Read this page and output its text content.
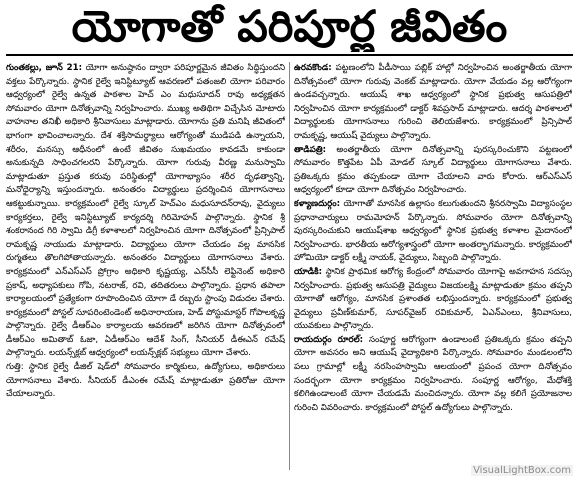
యోగాతో పరిపూర్ణ జీవితం

గుంతకల్లు, జూన్ 21: యోగా అనుష్ఠానం ద్వారా పరిపూర్ణమైన జీవితం సిద్ధిస్తుందని వక్తలు పేర్కొన్నారు. స్థానిక రైల్వే ఇనిస్టిట్యూట్ ఆవరణలో పతంజలి యోగా పరివారం ఆధ్వర్యంలో రైల్వే ఉన్నత పాఠశాల హెచ్ ఎం మధుసూదన్ రావు అధ్యక్షతన సోమవారం యోగా దినోత్సవాన్ని నిర్వహించారు. ముఖ్య అతిథిగా విచ్చేసిన మోటారు వాహనాల తనిఖీ అధికారి శ్రీనివాసులు మాట్లాడారు. యోగాను ప్రతి మనిషి జీవితంలో భాగంగా భావించాలన్నారు. దేశ శక్తిసామర్థ్యాలు ఆరోగ్యంతో ముడిపడి ఉన్నాయని, శరీరం, మనస్సు ఆధీనంలో ఉంటే జీవితం సుఖమయం కావడమే కాకుండా అనుకున్నది సాధించగలరని పేర్కొన్నారు. యోగా గురువు వీరణ్ణ మనుస్వామి మాట్లాడుతూ ప్రస్తుత కరువు పరిస్థితుల్లో యోగాభ్యాసం శరీర దృఢత్వాన్ని, మనోధైర్యాన్ని ఇస్తుందన్నారు. అనంతరం విద్యార్థులు ప్రదర్శించిన యోగాసనాలు ఆకట్టుకున్నాయి. కార్యక్రమంలో రైల్వే స్కూల్ హెచ్ఎం మధుసూదన్‌రావు, వైద్యులు కార్యకర్తలు, రైల్వే ఇనిస్టిట్యూట్ కార్యదర్శి గిరిమోహన్ పాల్గొన్నారు. స్థానిక శ్రీ శంకరానంద గిరి స్వామి డిగ్రీ కళాశాలలో నిర్వహించిన యోగా దినోత్సవంలో ప్రిన్సిపాల్ రామకృష్ణ నాయుడు మాట్లాడారు. విద్యార్థులు యోగా చేయడం వల్ల మానసిక రుగ్మతలు తొలగిపోతాయన్నారు. అనంతరం విద్యార్థులు యోగాసనాలు వేశారు. కార్యక్రమంలో ఎన్ఎస్ఎస్ ప్రోగ్రాం అధికారి కృష్ణయ్య, ఎన్‌సీసీ లెఫ్టినెంట్ అధికారి ప్రకాష్, అధ్యాపకులు గోపి, నటరాజ్, రవి, తదితరులు పాల్గొన్నారు. ప్రధాన తపాలా కార్యాలయంలో ప్రత్యేకంగా రూపొందించిన యోగా డే రబ్బరు స్టాంపు విడుదల చేశారు. కార్యక్రమంలో పోస్టల్ సూపరింటెండెంట్ అధినారాయణ, హెడ్ పోస్టుమాస్టర్ గోపాలకృష్ణ పాల్గొన్నారు. రైల్వే డీఆర్ఎం కార్యాలయ ఆవరణలో జరిగిన యోగా దినోత్సవంలో డీఆర్ఎం అమితాబ్ ఓజా, ఏడీఆర్ఎం ఆదేశ్ సింగ్, సీనియర్ డీఈఎన్ రమేష్ పాల్గొన్నారు. లయన్స్‌క్లబ్ ఆధ్వర్యంలో లయన్స్‌క్లబ్ సభ్యులు యోగా చేశారు.

గుత్తి: స్థానిక రైల్వే డీజిల్ షెడ్‌లో సోమవారం కార్మికులు, ఉద్యోగులు, అధికారులు యోగాసనాలు వేశారు. సీనియర్ డీఎంఈ రమేష్ మాట్లాడుతూ ప్రతిరోజు యోగా చేయాలన్నారు.

ఉరవకొండ: పట్టణంలోని పీడీసాయి పబ్లిక్ హాల్లో నిర్వహించిన అంతర్జాతీయ యోగా దినోత్సవంలో యోగా గురువు వెంకట్ మాట్లాడారు. యోగా వేయడం వల్ల ఆరోగ్యంగా ఉండవచ్చన్నారు. ఆయుష్ శాఖ ఆధ్వర్యంలో స్థానిక ప్రభుత్వ ఆసుపత్రిలో నిర్వహించిన యోగా కార్యక్రమంలో డాక్టర్ శివప్రసాద్ మాట్లాడారు. ఆదర్శ పాఠశాలలో విద్యార్థులకు యోగాసనాలు గురించి తెలియజేశారు. కార్యక్రమంలో ప్రిన్సిపాల్ రామకృష్ణ, ఆయుష్ వైద్యులు పాల్గొన్నారు.

తాడిపత్రి: అంతర్జాతీయ యోగా దినోత్సవాన్ని పురస్కరించుకొని పట్టణంలో సోమవారం కొత్తపేట ఏపీ మోడల్ స్కూల్ విద్యార్థులు యోగాసనాలు వేశారు. ప్రతిఒక్కరు క్రమం తప్పకుండా యోగా చేయాలని వారు కోరారు. ఆర్ఎస్ఎస్ ఆధ్వర్యంలో కూడా యోగా దినోత్సవం నిర్వహించారు.

కళ్యాణదుర్గం: యోగాతో మానసిక ఉల్లాసం కలుగుతుందని శ్రీనరస్వామి విద్యాసంస్థల ప్రధానాచార్యులు రామమోహన్ పేర్కొన్నారు. సోమవారం యోగా దినోత్సవాన్ని పురస్కరించుకుని ఆయుష్‌శాఖ ఆధ్వర్యంలో స్థానిక ప్రభుత్వ కళాశాల మైదానంలో నిర్వహించారు. భారతీయ ఆరోగ్యశాస్త్రంలో యోగా అంతర్భాగమన్నారు. కార్యక్రమంలో హోమియో డాక్టర్ లక్ష్మీ నాయక్, వైద్యులు, సిబ్బంది పాల్గొన్నారు.

యాడికి: స్థానిక ప్రాథమిక ఆరోగ్య కేంద్రంలో సోమవారం యోగాపై అవగాహన సదస్సు నిర్వహించారు. ప్రభుత్వ ఆసుపత్రి వైద్యులు విజయలక్ష్మి మాట్లాడుతూ క్రమం తప్పని యోగాతో ఆరోగ్యం, మానసిక ప్రశాంతత లభిస్తుందన్నారు. కార్యక్రమంలో ప్రభుత్వ వైద్యులు ప్రవీణ్‌కుమార్, సూపర్‌వైజర్ రవికుమార్, ఏఎన్ఎంలు, శ్రీనివాసులు, యువకులు పాల్గొన్నారు.

రాయదుర్గం రూరల్: సంపూర్ణ ఆరోగ్యంగా ఉండాలంటే ప్రతిఒక్కరు క్రమం తప్పని యోగా అవసరం అని ఆయుష్ వైద్యాధికారి పేర్కొన్నారు. సోమవారం మండలంలోని పలు గ్రామాల్లో లక్ష్మీ నరసింహస్వామి ఆలయంలో ప్రపంచ యోగా దినోత్సవం సందర్భంగా యోగా కార్యక్రమం నిర్వహించారు. సంపూర్ణ ఆరోగ్యం, మేధోశక్తి కలిగిఉండాలంటే యోగా చేయడమే మంచిదన్నారు. యోగా వల్ల కలిగే ప్రయోజనాల గురించి వివరించారు. కార్యక్రమంలో పోస్టల్ ఉద్యోగులు పాల్గొన్నారు.

VisualLightBox.com
